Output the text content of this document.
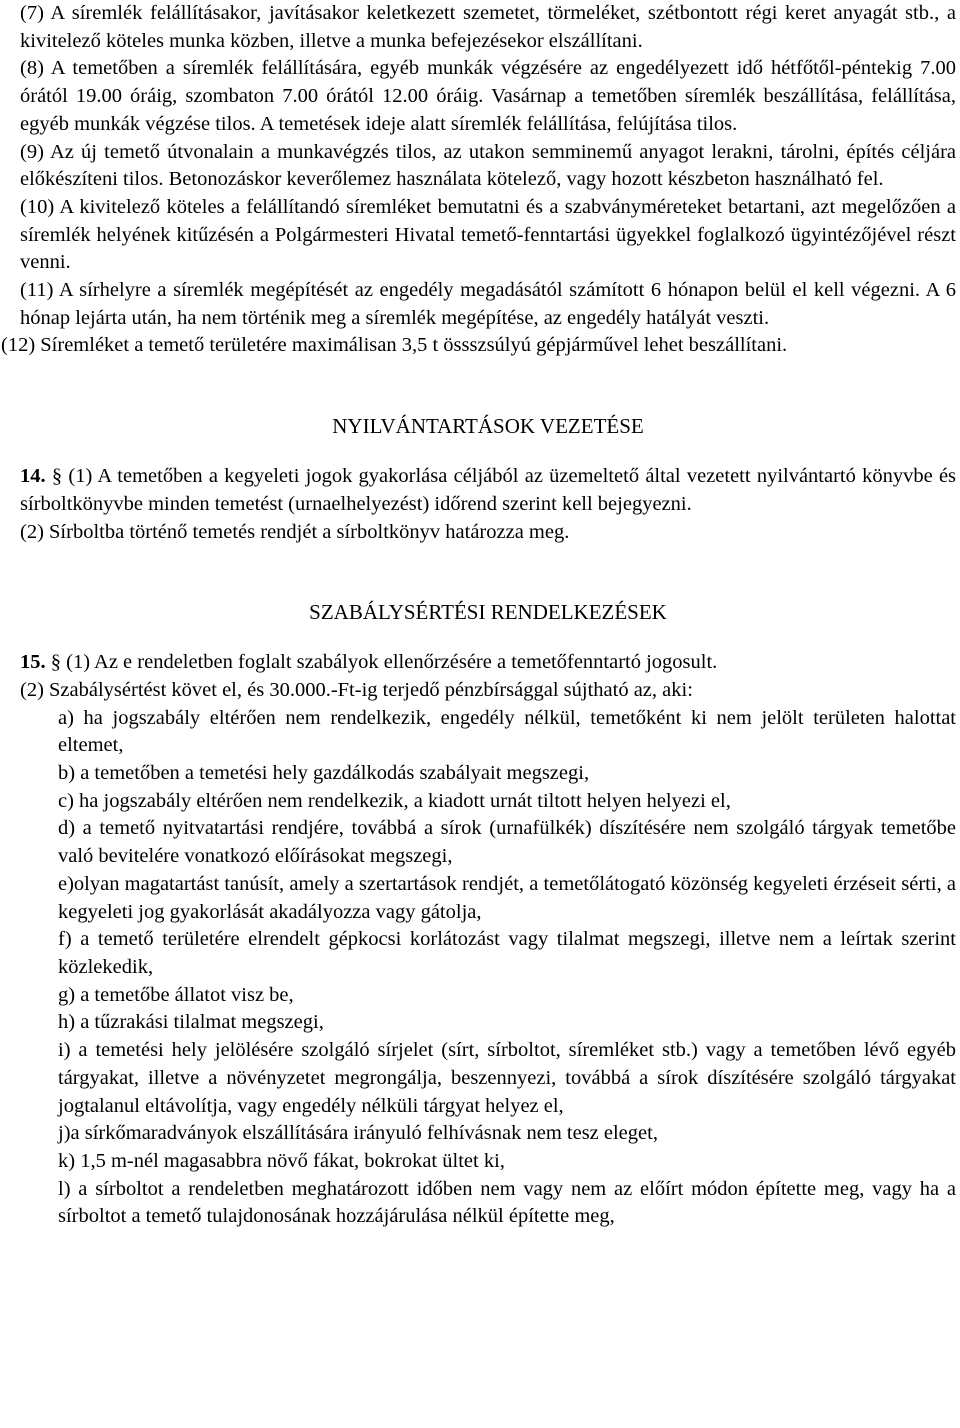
(7) A síremlék felállításakor, javításakor keletkezett szemetet, törmeléket, szétbontott régi keret anyagát stb., a kivitelező köteles munka közben, illetve a munka befejezésekor elszállítani.

(8) A temetőben a síremlék felállítására, egyéb munkák végzésére az engedélyezett idő hétfőtől-péntekig 7.00 órától 19.00 óráig, szombaton 7.00 órától 12.00 óráig. Vasárnap a temetőben síremlék beszállítása, felállítása, egyéb munkák végzése tilos. A temetések ideje alatt síremlék felállítása, felújítása tilos.

(9) Az új temető útvonalain a munkavégzés tilos, az utakon semminemű anyagot lerakni, tárolni, építés céljára előkészíteni tilos. Betonozáskor keverőlemez használata kötelező, vagy hozott készbeton használható fel.

(10) A kivitelező köteles a felállítandó síremléket bemutatni és a szabványméreteket betartani, azt megelőzően a síremlék helyének kitűzésén a Polgármesteri Hivatal temető-fenntartási ügyekkel foglalkozó ügyintézőjével részt venni.

(11) A sírhelyre a síremlék megépítését az engedély megadásától számított 6 hónapon belül el kell végezni. A 6 hónap lejárta után, ha nem történik meg a síremlék megépítése, az engedély hatályát veszti.

(12) Síremléket a temető területére maximálisan 3,5 t össszsúlyú gépjárművel lehet beszállítani.

NYILVÁNTARTÁSOK VEZETÉSE

14. § (1) A temetőben a kegyeleti jogok gyakorlása céljából az üzemeltető által vezetett nyilvántartó könyvbe és sírboltkönyvbe minden temetést (urnaelhelyezést) időrend szerint kell bejegyezni.

(2) Sírboltba történő temetés rendjét a sírboltkönyv határozza meg.

SZABÁLYSÉRTÉSI RENDELKEZÉSEK

15. § (1) Az e rendeletben foglalt szabályok ellenőrzésére a temetőfenntartó jogosult.

(2) Szabálysértést követ el, és 30.000.-Ft-ig terjedő pénzbírsággal sújtható az, aki:

a) ha jogszabály eltérően nem rendelkezik, engedély nélkül, temetőként ki nem jelölt területen halottat eltemet,

b) a temetőben a temetési hely gazdálkodás szabályait megszegi,

c) ha jogszabály eltérően nem rendelkezik, a kiadott urnát tiltott helyen helyezi el,

d) a temető nyitvatartási rendjére, továbbá a sírok (urnafülkék) díszítésére nem szolgáló tárgyak temetőbe való bevitelére vonatkozó előírásokat megszegi,

e)olyan magatartást tanúsít, amely a szertartások rendjét, a temetőlátogató közönség kegyeleti érzéseit sérti, a kegyeleti jog gyakorlását akadályozza vagy gátolja,

f) a temető területére elrendelt gépkocsi korlátozást vagy tilalmat megszegi, illetve nem a leírtak szerint közlekedik,

g) a temetőbe állatot visz be,

h) a tűzrakási tilalmat megszegi,

i) a temetési hely jelölésére szolgáló sírjelet (sírt, sírboltot, síremléket stb.) vagy a temetőben lévő egyéb tárgyakat, illetve a növényzetet megrongálja, beszennyezi, továbbá a sírok díszítésére szolgáló tárgyakat jogtalanul eltávolítja, vagy engedély nélküli tárgyat helyez el,

j)a sírkőmaradványok elszállítására irányuló felhívásnak nem tesz eleget,

k) 1,5 m-nél magasabbra növő fákat, bokrokat ültet ki,

l) a sírboltot a rendeletben meghatározott időben nem vagy nem az előírt módon építette meg, vagy ha a sírboltot a temető tulajdonosának hozzájárulása nélkül építette meg,
